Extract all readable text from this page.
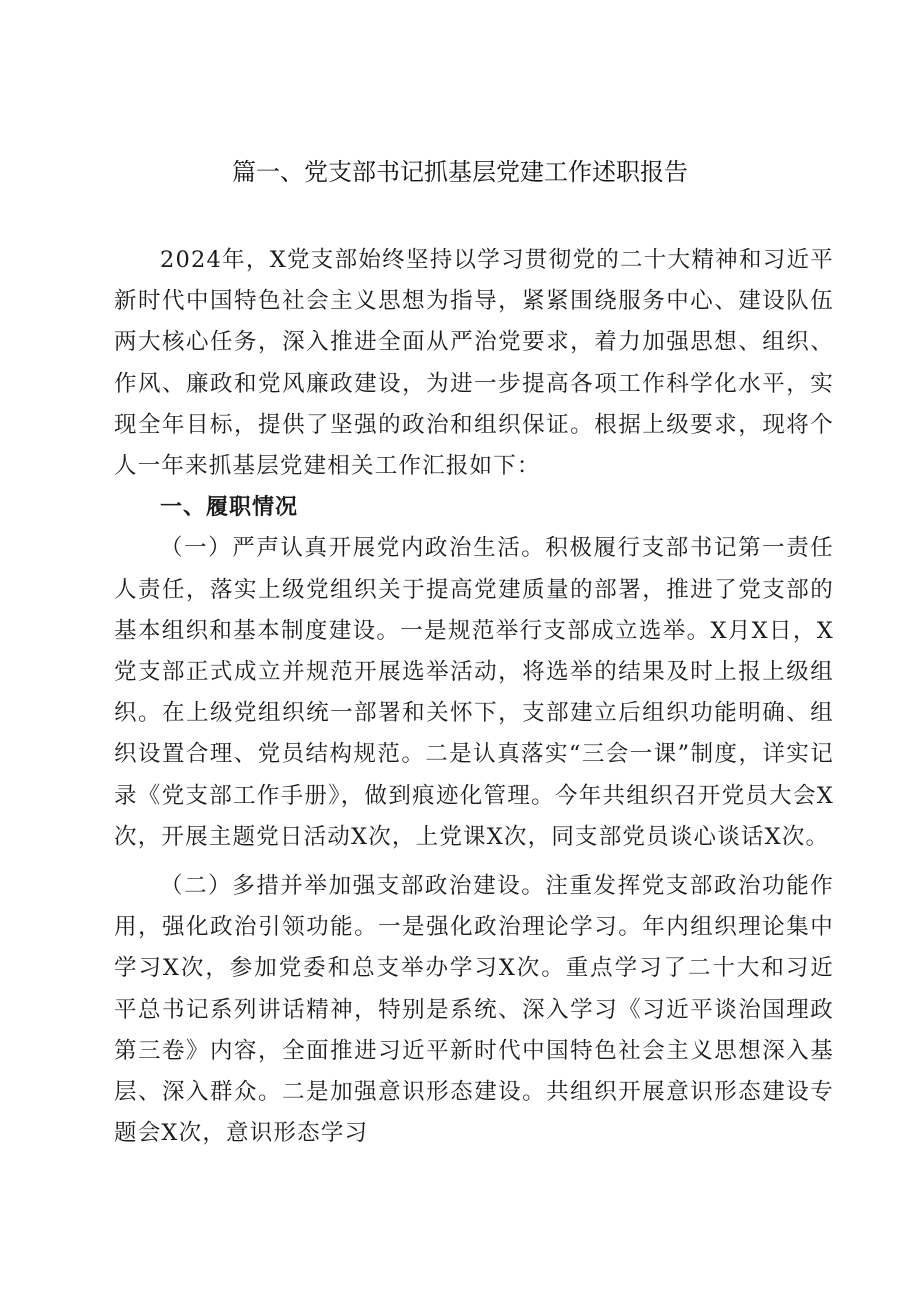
篇一、党支部书记抓基层党建工作述职报告

2024年，X党支部始终坚持以学习贯彻党的二十大精神和习近平新时代中国特色社会主义思想为指导，紧紧围绕服务中心、建设队伍两大核心任务，深入推进全面从严治党要求，着力加强思想、组织、作风、廉政和党风廉政建设，为进一步提高各项工作科学化水平，实现全年目标，提供了坚强的政治和组织保证。根据上级要求，现将个人一年来抓基层党建相关工作汇报如下：

一、履职情况

（一）严声认真开展党内政治生活。积极履行支部书记第一责任人责任，落实上级党组织关于提高党建质量的部署，推进了党支部的基本组织和基本制度建设。一是规范举行支部成立选举。X月X日，X党支部正式成立并规范开展选举活动，将选举的结果及时上报上级组织。在上级党组织统一部署和关怀下，支部建立后组织功能明确、组织设置合理、党员结构规范。二是认真落实“三会一课”制度，详实记录《党支部工作手册》，做到痕迹化管理。今年共组织召开党员大会X次，开展主题党日活动X次，上党课X次，同支部党员谈心谈话X次。

（二）多措并举加强支部政治建设。注重发挥党支部政治功能作用，强化政治引领功能。一是强化政治理论学习。年内组织理论集中学习X次，参加党委和总支举办学习X次。重点学习了二十大和习近平总书记系列讲话精神，特别是系统、深入学习《习近平谈治国理政第三卷》内容，全面推进习近平新时代中国特色社会主义思想深入基层、深入群众。二是加强意识形态建设。共组织开展意识形态建设专题会X次，意识形态学习
